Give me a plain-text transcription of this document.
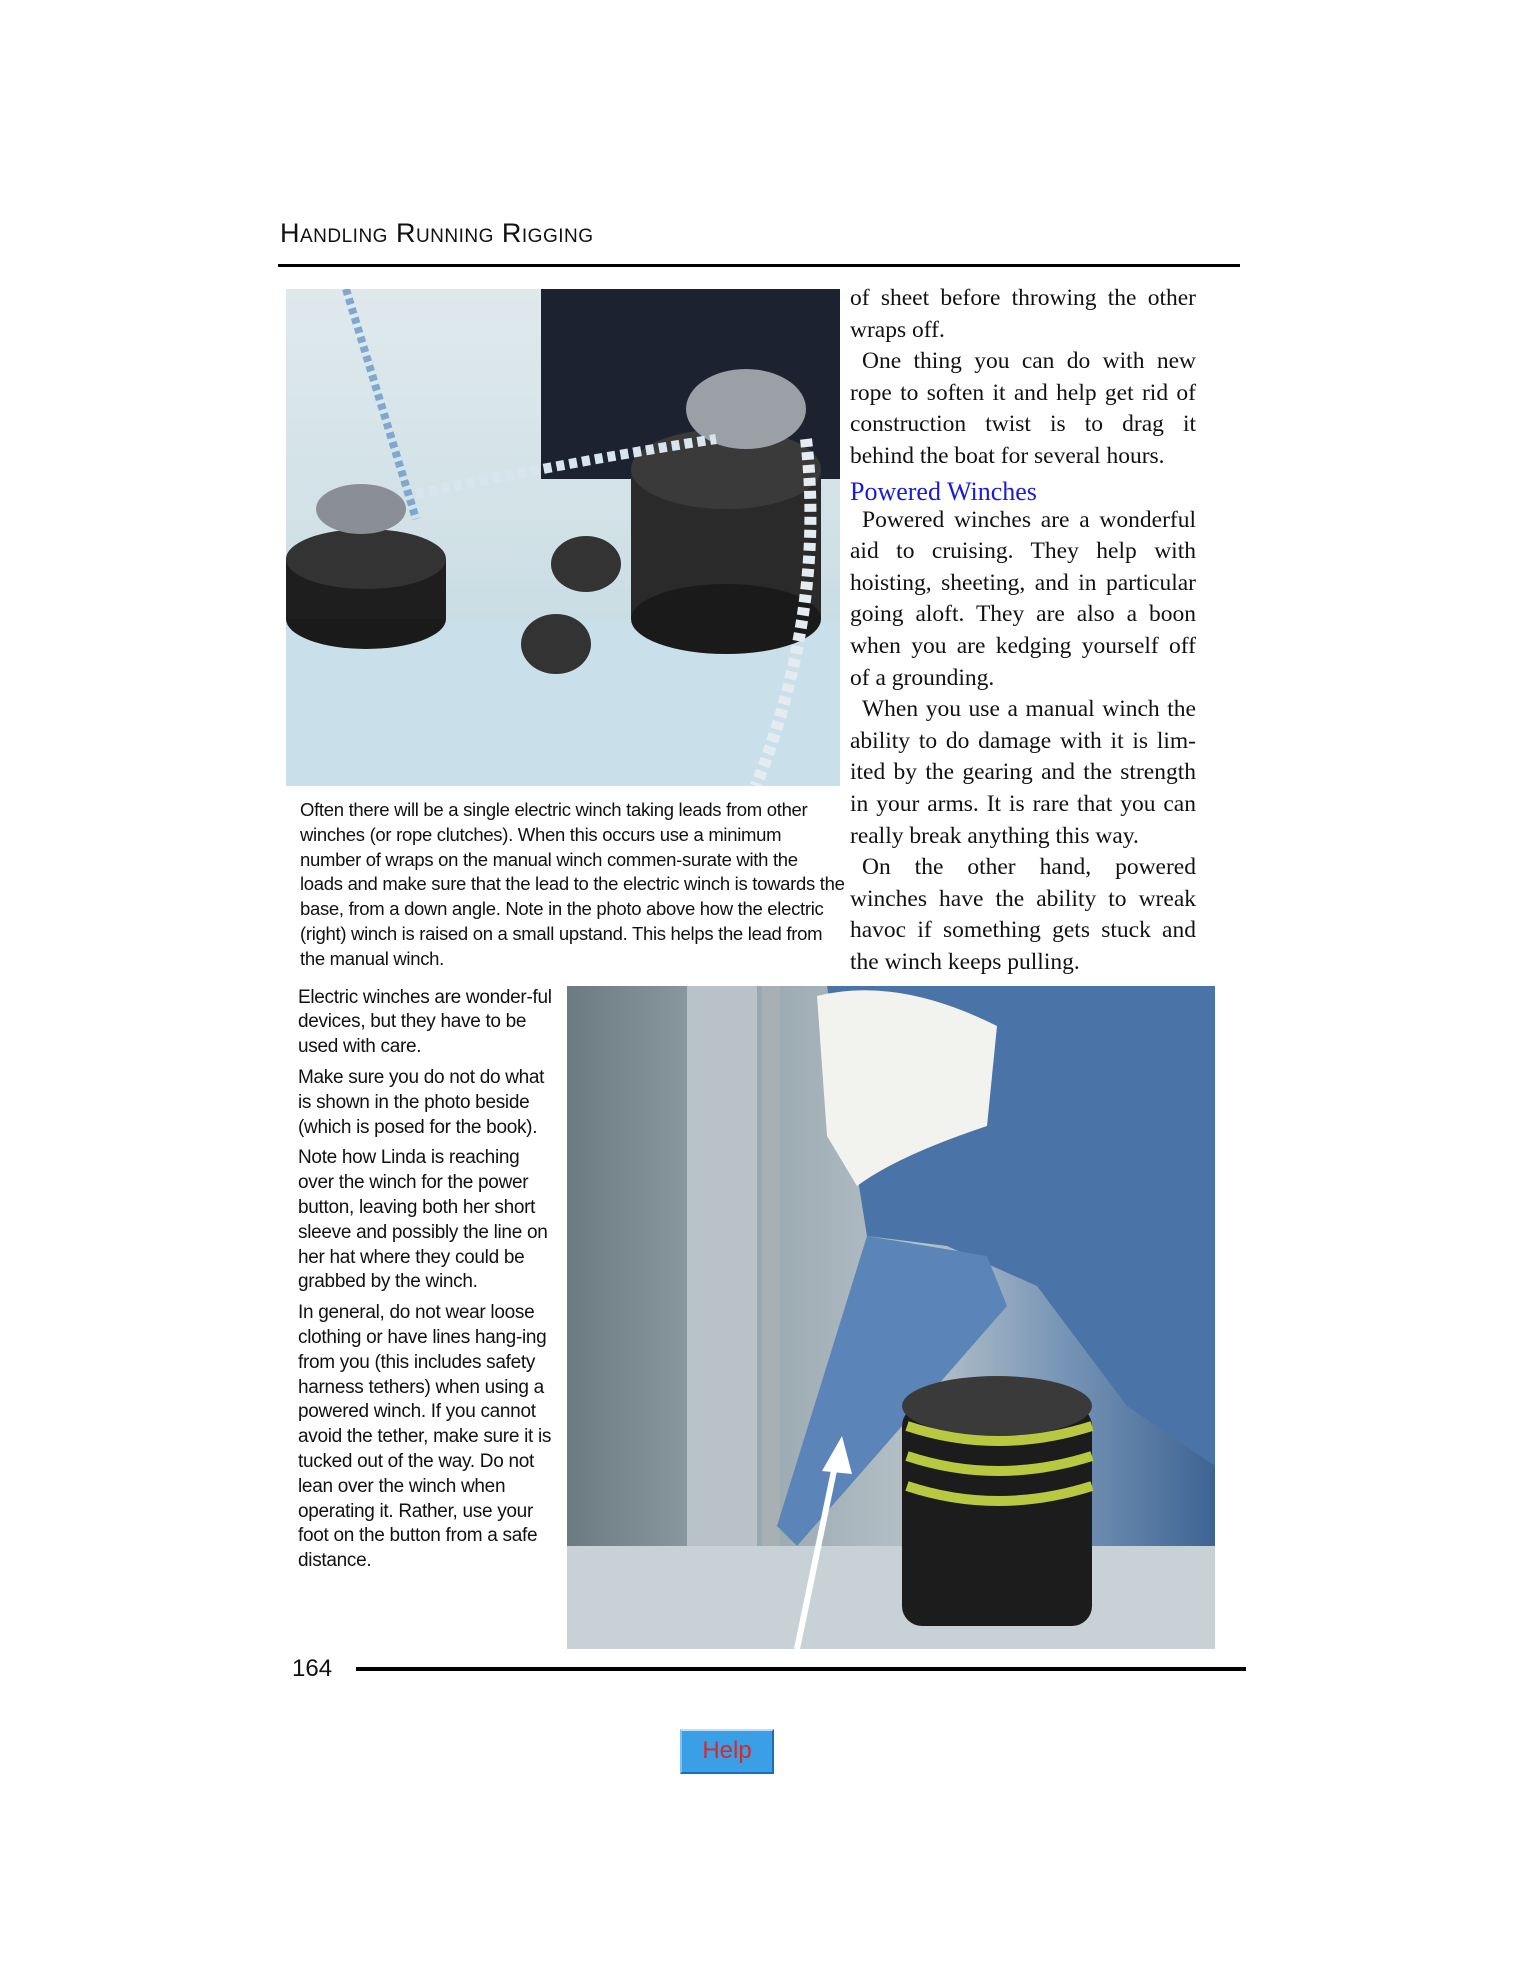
Handling Running Rigging

of sheet before throwing the other wraps off.

One thing you can do with new rope to soften it and help get rid of construction twist is to drag it behind the boat for several hours.

Powered Winches

Powered winches are a wonderful aid to cruising. They help with hoisting, sheeting, and in particular going aloft. They are also a boon when you are kedging yourself off of a grounding.

When you use a manual winch the ability to do damage with it is lim-ited by the gearing and the strength in your arms. It is rare that you can really break anything this way.

On the other hand, powered winches have the ability to wreak havoc if something gets stuck and the winch keeps pulling.

Often there will be a single electric winch taking leads from other winches (or rope clutches). When this occurs use a minimum number of wraps on the manual winch commen-surate with the loads and make sure that the lead to the electric winch is towards the base, from a down angle. Note in the photo above how the electric (right) winch is raised on a small upstand. This helps the lead from the manual winch.

Electric winches are wonder-ful devices, but they have to be used with care.

Make sure you do not do what is shown in the photo beside (which is posed for the book).

Note how Linda is reaching over the winch for the power button, leaving both her short sleeve and possibly the line on her hat where they could be grabbed by the winch.

In general, do not wear loose clothing or have lines hang-ing from you (this includes safety harness tethers) when using a powered winch. If you cannot avoid the tether, make sure it is tucked out of the way. Do not lean over the winch when operating it. Rather, use your foot on the button from a safe distance.

164
Help
